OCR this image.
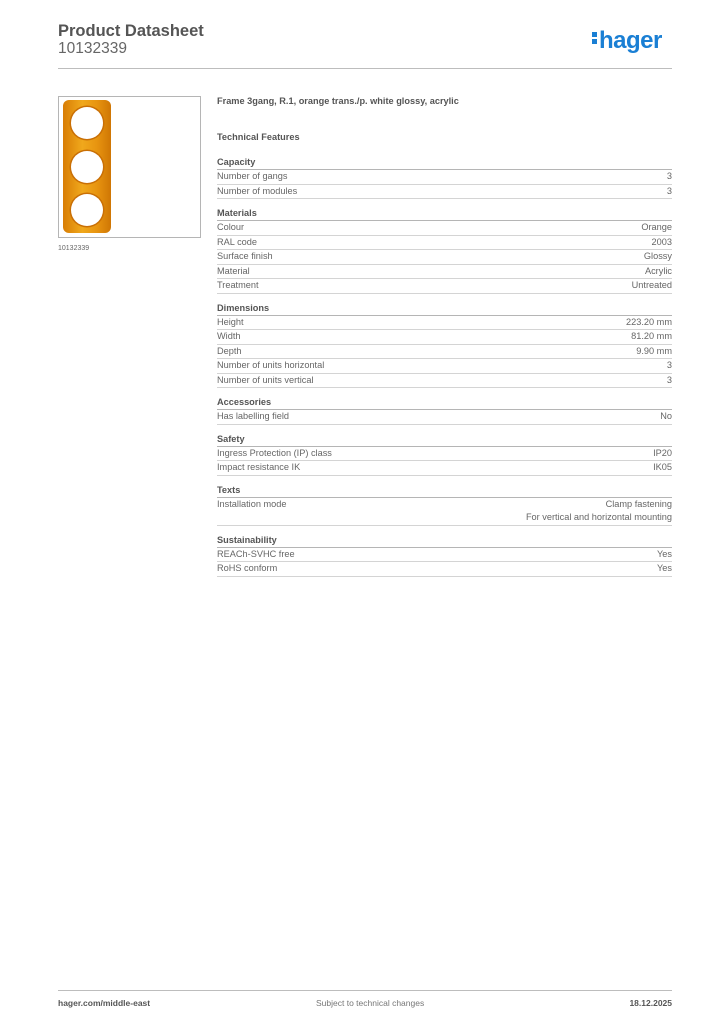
Product Datasheet
10132339	hager
10132339
Frame 3gang, R.1, orange trans./p. white glossy, acrylic
Technical Features
Capacity
Number of gangs	3
Number of modules	3
Materials
Colour	Orange
RAL code	2003
Surface finish	Glossy
Material	Acrylic
Treatment	Untreated
Dimensions
Height	223.20 mm
Width	81.20 mm
Depth	9.90 mm
Number of units horizontal	3
Number of units vertical	3
Accessories
Has labelling field	No
Safety
Ingress Protection (IP) class	IP20
Impact resistance IK	IK05
Texts
Installation mode	Clamp fastening
For vertical and horizontal mounting
Sustainability
REACh-SVHC free	Yes
RoHS conform	Yes
hager.com/middle-east	Subject to technical changes	18.12.2025
